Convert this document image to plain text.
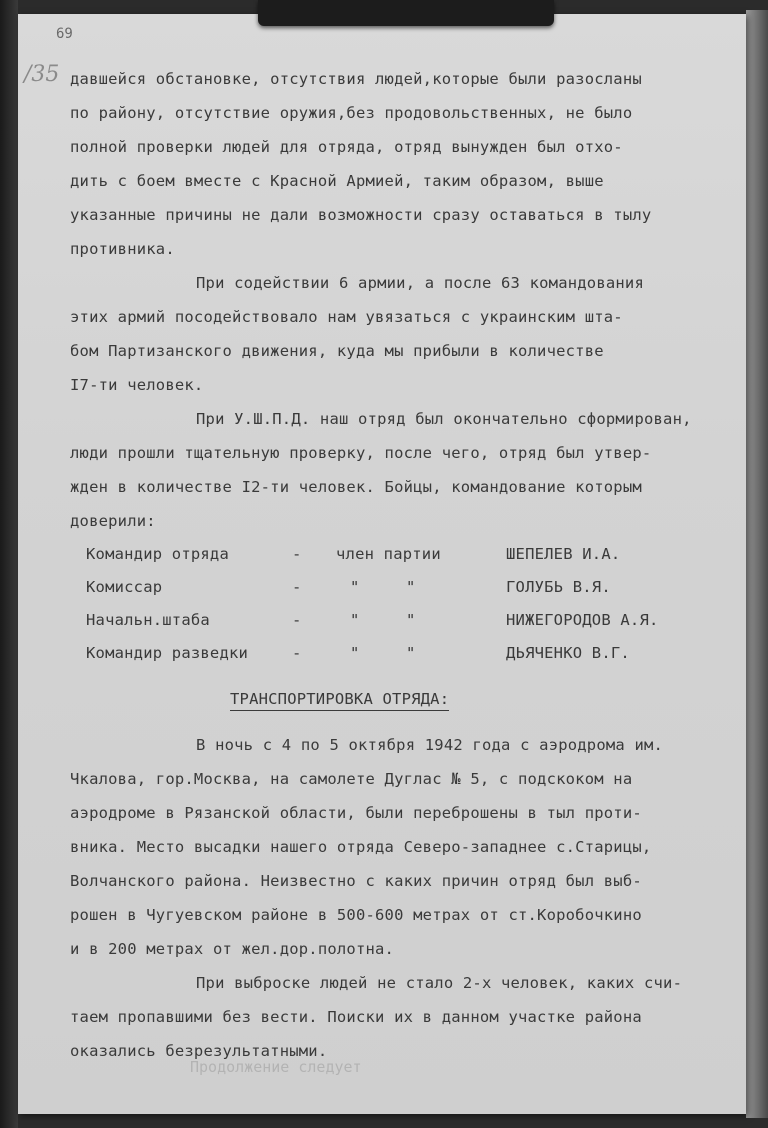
69
/35 давшейся обстановке, отсутствия людей,которые были разосланы
по району, отсутствие оружия,без продовольственных, не было
полной проверки людей для отряда, отряд вынужден был отхо-
дить с боем вместе с Красной Армией, таким образом, выше
указанные причины не дали возможности сразу оставаться в тылу
противника.
При содействии 6 армии, а после 63 командования
этих армий посодействовало нам увязаться с украинским шта-
бом Партизанского движения, куда мы прибыли в количестве
I7-ти человек.
При У.Ш.П.Д. наш отряд был окончательно сформирован,
люди прошли тщательную проверку, после чего, отряд был утвер-
жден в количестве I2-ти человек. Бойцы, командование которым
доверили:
Командир отряда	- член партии	ШЕПЕЛЕВ И.А.
Комиссар	-	"	"	ГОЛУБЬ В.Я.
Начальн.штаба	-	"	"	НИЖЕГОРОДОВ А.Я.
Командир разведки	-	"	"	ДЬЯЧЕНКО В.Г.
ТРАНСПОРТИРОВКА ОТРЯДА:
В ночь с 4 по 5 октября 1942 года с аэродрома им.
Чкалова, гор.Москва, на самолете Дуглас № 5, с подскоком на
аэродроме в Рязанской области, были переброшены в тыл проти-
вника. Место высадки нашего отряда Северо-западнее с.Старицы,
Волчанского района. Неизвестно с каких причин отряд был выб-
рошен в Чугуевском районе в 500-600 метрах от ст.Коробочкино
и в 200 метрах от жел.дор.полотна.
При выброске людей не стало 2-х человек, каких счи-
таем пропавшими без вести. Поиски их в данном участке района
оказались безрезультатными.
Продолжение следует
